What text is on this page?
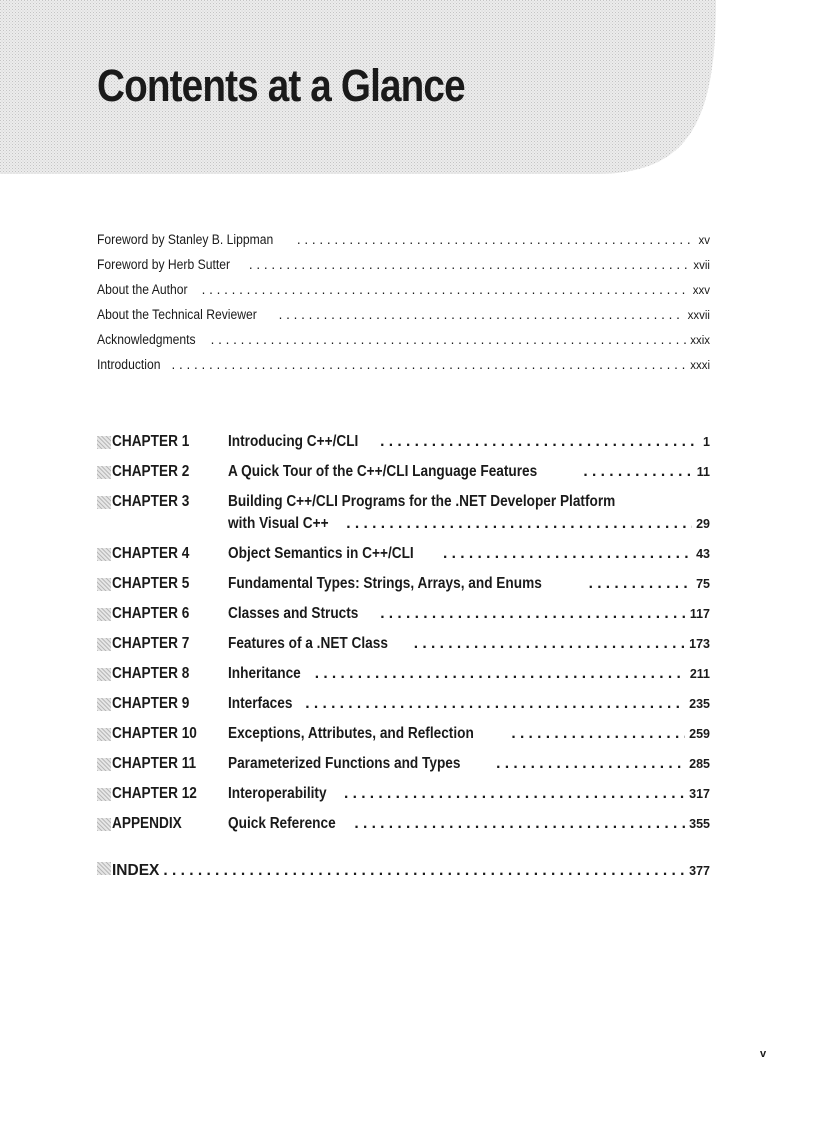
Contents at a Glance
Foreword by Stanley B. Lippman . . .	xv
Foreword by Herb Sutter . . .	xvii
About the Author . . .	xxv
About the Technical Reviewer . . .	xxvii
Acknowledgments . . .	xxix
Introduction . . .	xxxi
CHAPTER 1 Introducing C++/CLI . . .	1
CHAPTER 2 A Quick Tour of the C++/CLI Language Features . . .	11
CHAPTER 3 Building C++/CLI Programs for the .NET Developer Platform
with Visual C++ . . .	29
CHAPTER 4 Object Semantics in C++/CLI . . .	43
CHAPTER 5 Fundamental Types: Strings, Arrays, and Enums . . .	75
CHAPTER 6 Classes and Structs . . .	117
CHAPTER 7 Features of a .NET Class . . .	173
CHAPTER 8 Inheritance . . .	211
CHAPTER 9 Interfaces . . .	235
CHAPTER 10 Exceptions, Attributes, and Reflection . . .	259
CHAPTER 11 Parameterized Functions and Types . . .	285
CHAPTER 12 Interoperability . . .	317
APPENDIX	Quick Reference . . .	355
INDEX . . .	377
v
